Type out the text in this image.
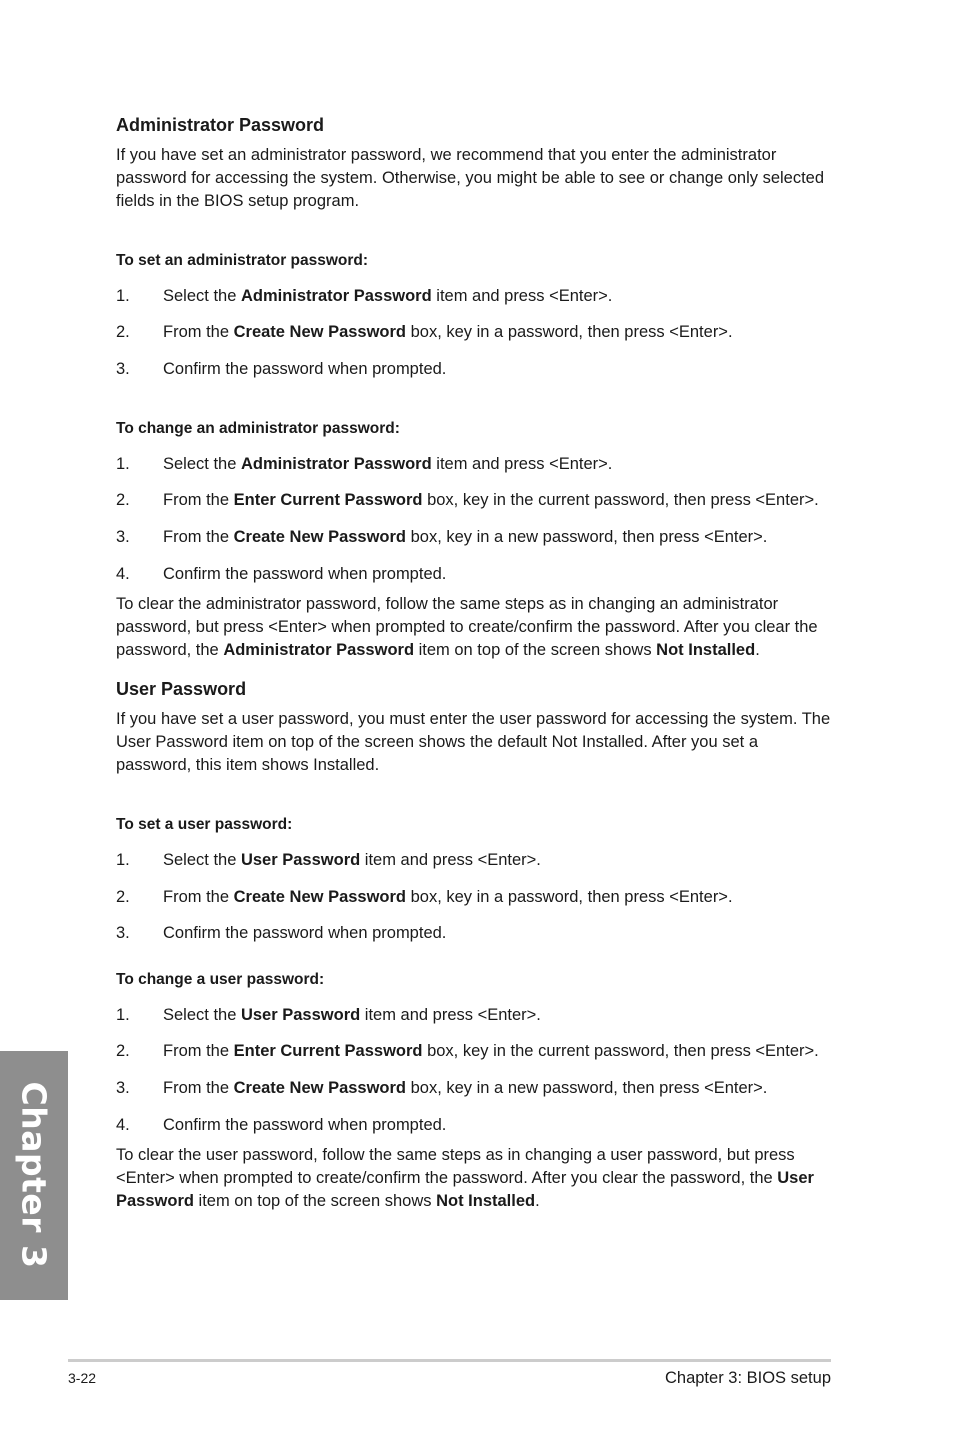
Administrator Password

If you have set an administrator password, we recommend that you enter the administrator password for accessing the system. Otherwise, you might be able to see or change only selected fields in the BIOS setup program.

To set an administrator password:
1.	Select the Administrator Password item and press <Enter>.
2.	From the Create New Password box, key in a password, then press <Enter>.
3.	Confirm the password when prompted.
To change an administrator password:
1.	Select the Administrator Password item and press <Enter>.
2.	From the Enter Current Password box, key in the current password, then press <Enter>.
3.	From the Create New Password box, key in a new password, then press <Enter>.
4.	Confirm the password when prompted.

To clear the administrator password, follow the same steps as in changing an administrator password, but press <Enter> when prompted to create/confirm the password. After you clear the password, the Administrator Password item on top of the screen shows Not Installed.

User Password

If you have set a user password, you must enter the user password for accessing the system. The User Password item on top of the screen shows the default Not Installed. After you set a password, this item shows Installed.

To set a user password:
1.	Select the User Password item and press <Enter>.
2.	From the Create New Password box, key in a password, then press <Enter>.
3.	Confirm the password when prompted.
To change a user password:
1.	Select the User Password item and press <Enter>.
2.	From the Enter Current Password box, key in the current password, then press <Enter>.
3.	From the Create New Password box, key in a new password, then press <Enter>.
4.	Confirm the password when prompted.

To clear the user password, follow the same steps as in changing a user password, but press <Enter> when prompted to create/confirm the password. After you clear the password, the User Password item on top of the screen shows Not Installed.

Chapter 3
3-22	Chapter 3: BIOS setup
